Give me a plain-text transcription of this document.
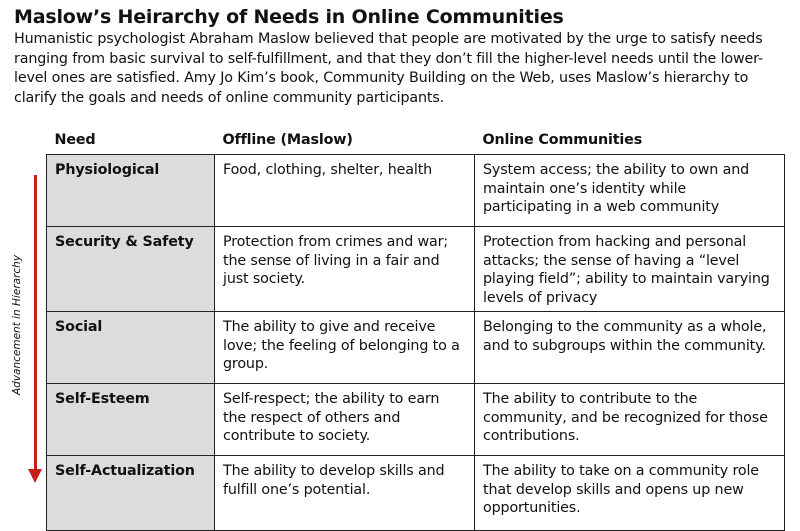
Maslow’s Heirarchy of Needs in Online Communities
Humanistic psychologist Abraham Maslow believed that people are motivated by the urge to satisfy needs ranging from basic survival to self-fulfillment, and that they don’t fill the higher-level needs until the lower-level ones are satisfied. Amy Jo Kim’s book, Community Building on the Web, uses Maslow’s hierarchy to clarify the goals and needs of online community participants.
Advancement in Hierarchy
Need	Offline (Maslow)	Online Communities
Physiological	Food, clothing, shelter, health	System access; the ability to own and maintain one’s identity while participating in a web community
Security & Safety	Protection from crimes and war; the sense of living in a fair and just society.	Protection from hacking and personal attacks; the sense of having a “level playing field”; ability to maintain varying levels of privacy
Social	The ability to give and receive love; the feeling of belonging to a group.	Belonging to the community as a whole, and to subgroups within the community.
Self-Esteem	Self-respect; the ability to earn the respect of others and contribute to society.	The ability to contribute to the community, and be recognized for those contributions.
Self-Actualization	The ability to develop skills and fulfill one’s potential.	The ability to take on a community role that develop skills and opens up new opportunities.
